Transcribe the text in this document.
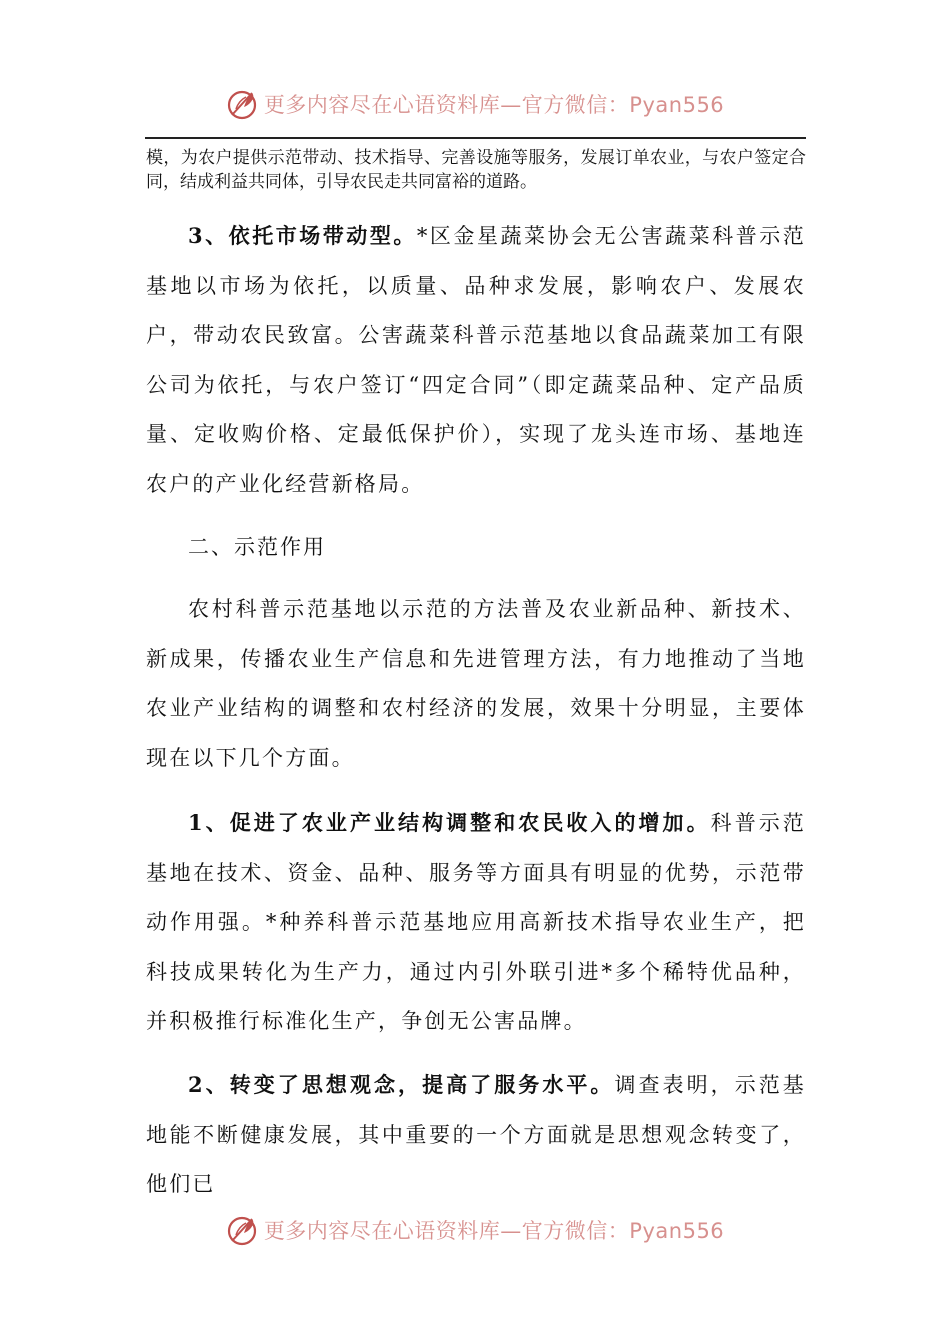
更多内容尽在心语资料库—官方微信：Pyan556

模，为农户提供示范带动、技术指导、完善设施等服务，发展订单农业，与农户签定合同，结成利益共同体，引导农民走共同富裕的道路。

3、依托市场带动型。*区金星蔬菜协会无公害蔬菜科普示范基地以市场为依托，以质量、品种求发展，影响农户、发展农户，带动农民致富。公害蔬菜科普示范基地以食品蔬菜加工有限公司为依托，与农户签订“四定合同”（即定蔬菜品种、定产品质量、定收购价格、定最低保护价），实现了龙头连市场、基地连农户的产业化经营新格局。

二、示范作用

农村科普示范基地以示范的方法普及农业新品种、新技术、新成果，传播农业生产信息和先进管理方法，有力地推动了当地农业产业结构的调整和农村经济的发展，效果十分明显，主要体现在以下几个方面。

1、促进了农业产业结构调整和农民收入的增加。科普示范基地在技术、资金、品种、服务等方面具有明显的优势，示范带动作用强。*种养科普示范基地应用高新技术指导农业生产，把科技成果转化为生产力，通过内引外联引进*多个稀特优品种，并积极推行标准化生产，争创无公害品牌。

2、转变了思想观念，提高了服务水平。调查表明，示范基地能不断健康发展，其中重要的一个方面就是思想观念转变了，他们已

更多内容尽在心语资料库—官方微信：Pyan556
